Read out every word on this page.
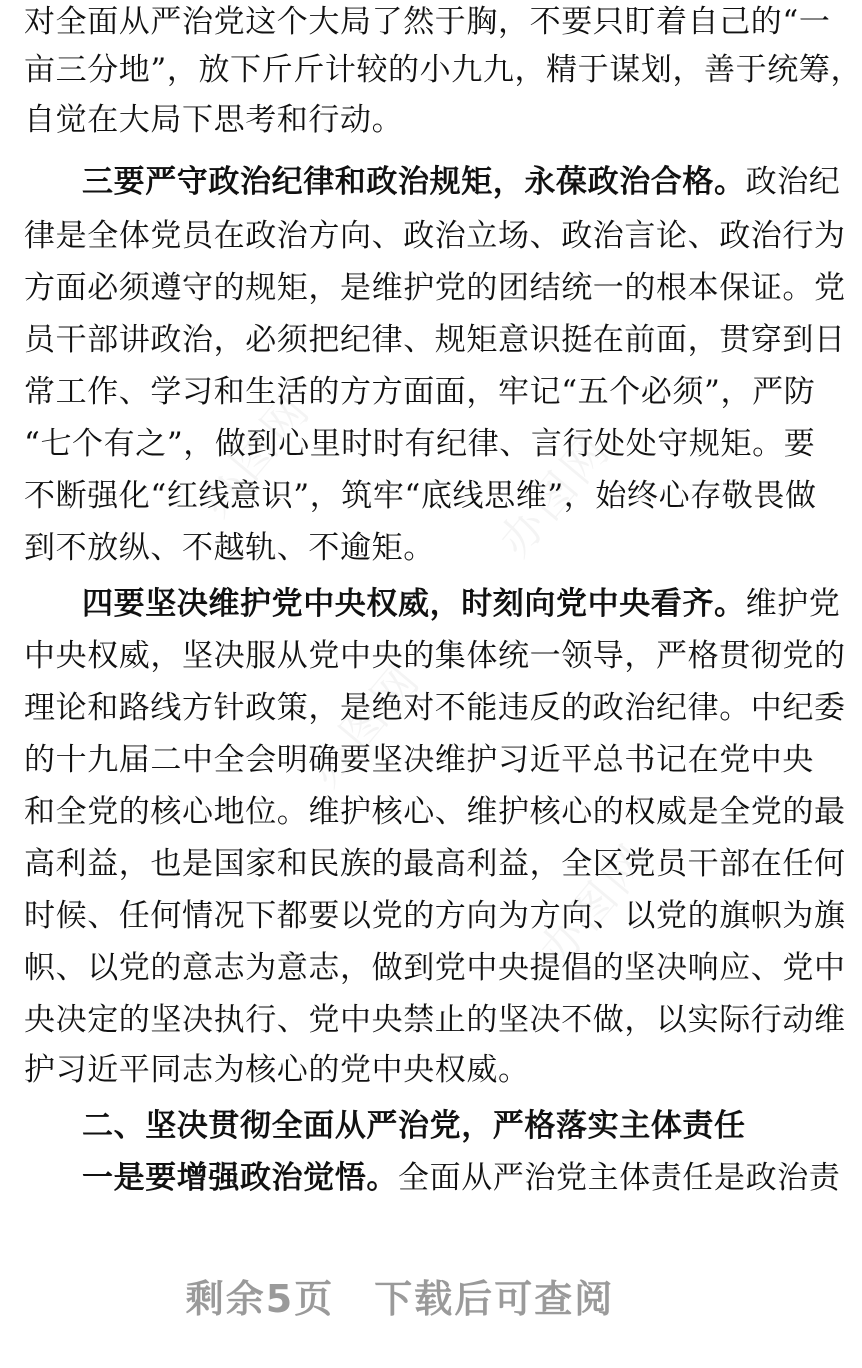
办图网	办图网
办图网
办图网
对全面从严治党这个大局了然于胸，不要只盯着自己的“一
亩三分地”，放下斤斤计较的小九九，精于谋划，善于统筹，
自觉在大局下思考和行动。
三要严守政治纪律和政治规矩，永葆政治合格。政治纪
律是全体党员在政治方向、政治立场、政治言论、政治行为
方面必须遵守的规矩，是维护党的团结统一的根本保证。党
员干部讲政治，必须把纪律、规矩意识挺在前面，贯穿到日
常工作、学习和生活的方方面面，牢记“五个必须”，严防
“七个有之”，做到心里时时有纪律、言行处处守规矩。要
不断强化“红线意识”，筑牢“底线思维”，始终心存敬畏做
到不放纵、不越轨、不逾矩。
四要坚决维护党中央权威，时刻向党中央看齐。维护党
中央权威，坚决服从党中央的集体统一领导，严格贯彻党的
理论和路线方针政策，是绝对不能违反的政治纪律。中纪委
的十九届二中全会明确要坚决维护习近平总书记在党中央
和全党的核心地位。维护核心、维护核心的权威是全党的最
高利益，也是国家和民族的最高利益，全区党员干部在任何
时候、任何情况下都要以党的方向为方向、以党的旗帜为旗
帜、以党的意志为意志，做到党中央提倡的坚决响应、党中
央决定的坚决执行、党中央禁止的坚决不做，以实际行动维
护习近平同志为核心的党中央权威。
二、坚决贯彻全面从严治党，严格落实主体责任
一是要增强政治觉悟。全面从严治党主体责任是政治责
剩余5页 下载后可查阅
